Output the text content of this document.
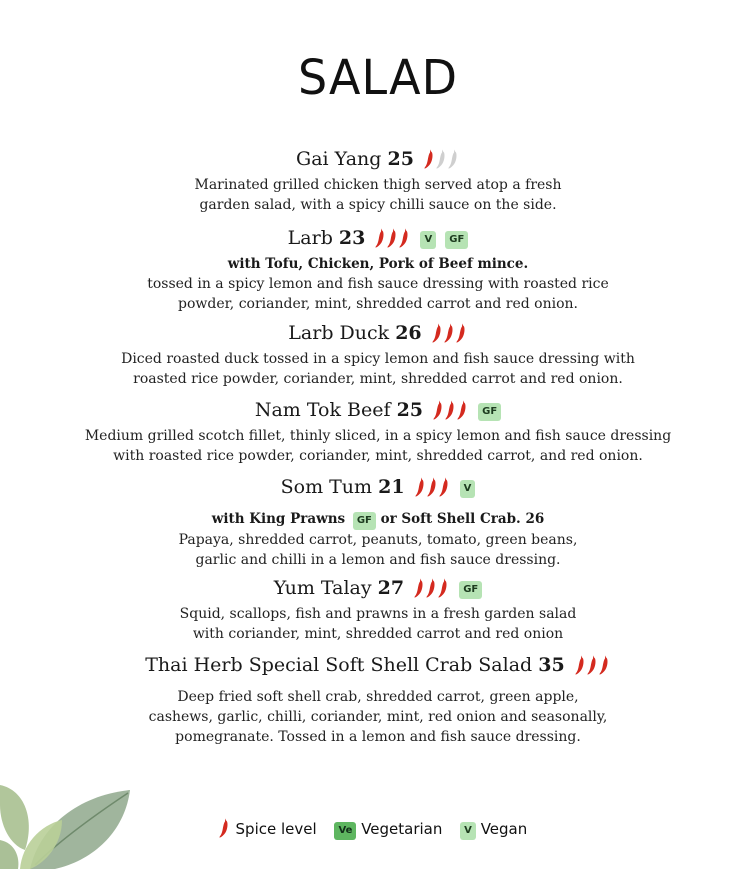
SALAD
Gai Yang 25
Marinated grilled chicken thigh served atop a fresh
garden salad, with a spicy chilli sauce on the side.
Larb 23	V GF
with Tofu, Chicken, Pork of Beef mince.
tossed in a spicy lemon and fish sauce dressing with roasted rice
powder, coriander, mint, shredded carrot and red onion.
Larb Duck 26
Diced roasted duck tossed in a spicy lemon and fish sauce dressing with
roasted rice powder, coriander, mint, shredded carrot and red onion.
Nam Tok Beef 25	GF
Medium grilled scotch fillet, thinly sliced, in a spicy lemon and fish sauce dressing
with roasted rice powder, coriander, mint, shredded carrot, and red onion.
Som Tum 21	V
with King Prawns GF or Soft Shell Crab. 26
Papaya, shredded carrot, peanuts, tomato, green beans,
garlic and chilli in a lemon and fish sauce dressing.
Yum Talay 27	GF
Squid, scallops, fish and prawns in a fresh garden salad
with coriander, mint, shredded carrot and red onion
Thai Herb Special Soft Shell Crab Salad 35
Deep fried soft shell crab, shredded carrot, green apple,
cashews, garlic, chilli, coriander, mint, red onion and seasonally,
pomegranate. Tossed in a lemon and fish sauce dressing.
Spice level Ve Vegetarian V Vegan
